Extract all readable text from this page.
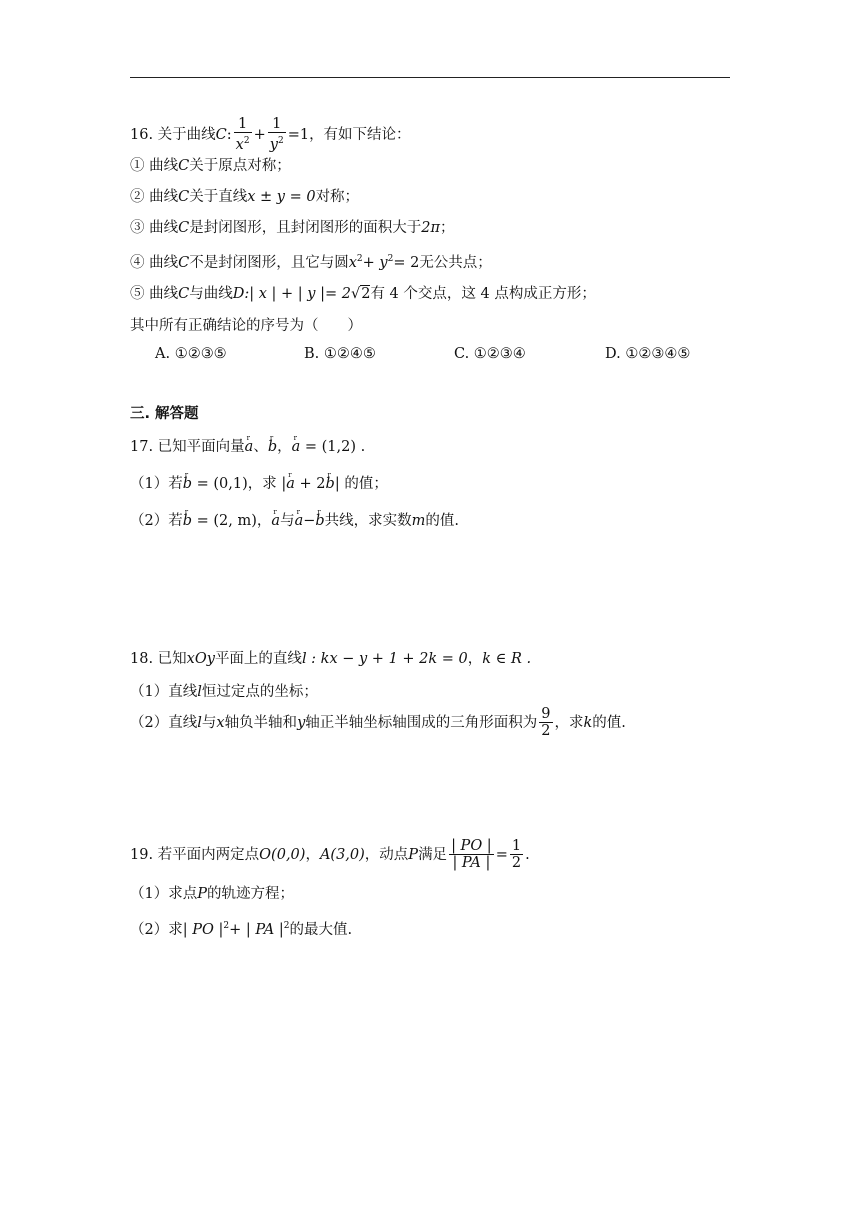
16. 关于曲线C: $\frac{1}{x^2} + \frac{1}{y^2} =1$，有如下结论：
① 曲线C关于原点对称；
② 曲线C关于直线x ± y = 0对称；
③ 曲线C是封闭图形，且封闭图形的面积大于2π；
④ 曲线C不是封闭图形，且它与圆$x^2+ y^2= 2$无公共点；
⑤ 曲线C与曲线D:| x | + | y |= 2√2有 4 个交点，这 4 点构成正方形；
其中所有正确结论的序号为（　　）
A. ①②③⑤	B. ①②④⑤	C. ①②③④	D. ①②③④⑤
三. 解答题
17. 已知平面向量r a、r b，r a = (1,2) .
（1）若r b = (0,1)，求 |r a + 2r b| 的值；
（2）若r b = (2, m)，r a与r a−r b共线，求实数m的值.
18. 已知xOy平面上的直线l : kx − y + 1 + 2k = 0，k ∈ R .
（1）直线l恒过定点的坐标；
（2）直线l与x轴负半轴和y轴正半轴坐标轴围成的三角形面积为 $\frac{9}{2}$ ，求k的值.
19. 若平面内两定点O(0,0)，A(3,0)，动点P满足 $\frac{| PO |}{| PA |} = \frac{1}{2}$ .
（1）求点P的轨迹方程；
（2）求| PO $|^2+$ | PA $|^2$的最大值.
